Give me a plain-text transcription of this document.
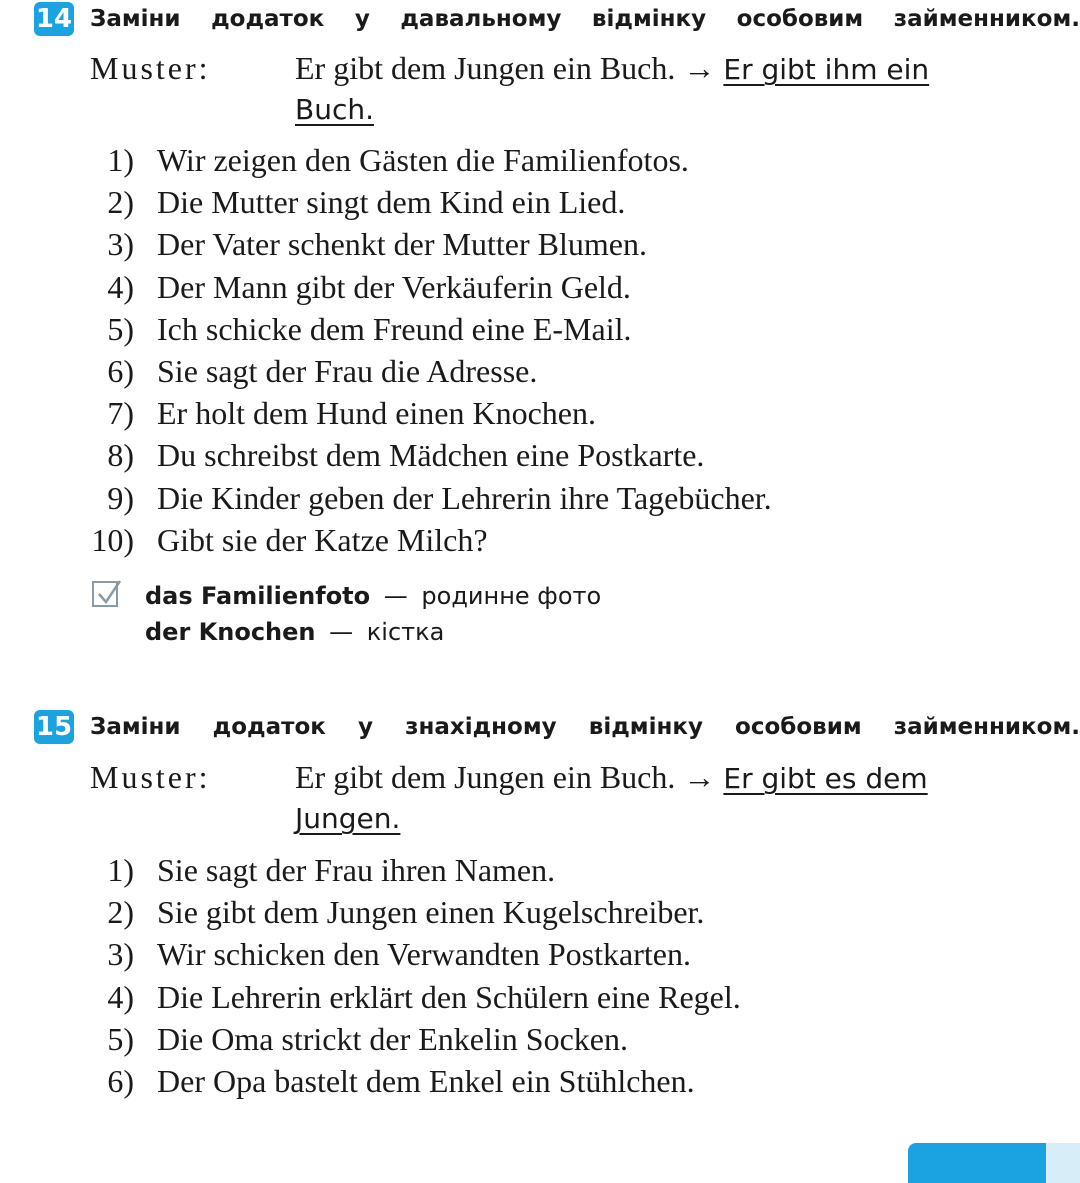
14 Заміни додаток у давальному відмінку особовим займенником.
Muster:	Er gibt dem Jungen ein Buch. → Er gibt ihm ein
Buch.
1) Wir zeigen den Gästen die Familienfotos.
2) Die Mutter singt dem Kind ein Lied.
3) Der Vater schenkt der Mutter Blumen.
4) Der Mann gibt der Verkäuferin Geld.
5) Ich schicke dem Freund eine E-Mail.
6) Sie sagt der Frau die Adresse.
7) Er holt dem Hund einen Knochen.
8) Du schreibst dem Mädchen eine Postkarte.
9) Die Kinder geben der Lehrerin ihre Tagebücher.
10) Gibt sie der Katze Milch?
das Familienfoto — родинне фото
der Knochen — кістка
15 Заміни додаток у знахідному відмінку особовим займенником.
Muster:	Er gibt dem Jungen ein Buch. → Er gibt es dem
Jungen.
1) Sie sagt der Frau ihren Namen.
2) Sie gibt dem Jungen einen Kugelschreiber.
3) Wir schicken den Verwandten Postkarten.
4) Die Lehrerin erklärt den Schülern eine Regel.
5) Die Oma strickt der Enkelin Socken.
6) Der Opa bastelt dem Enkel ein Stühlchen.
